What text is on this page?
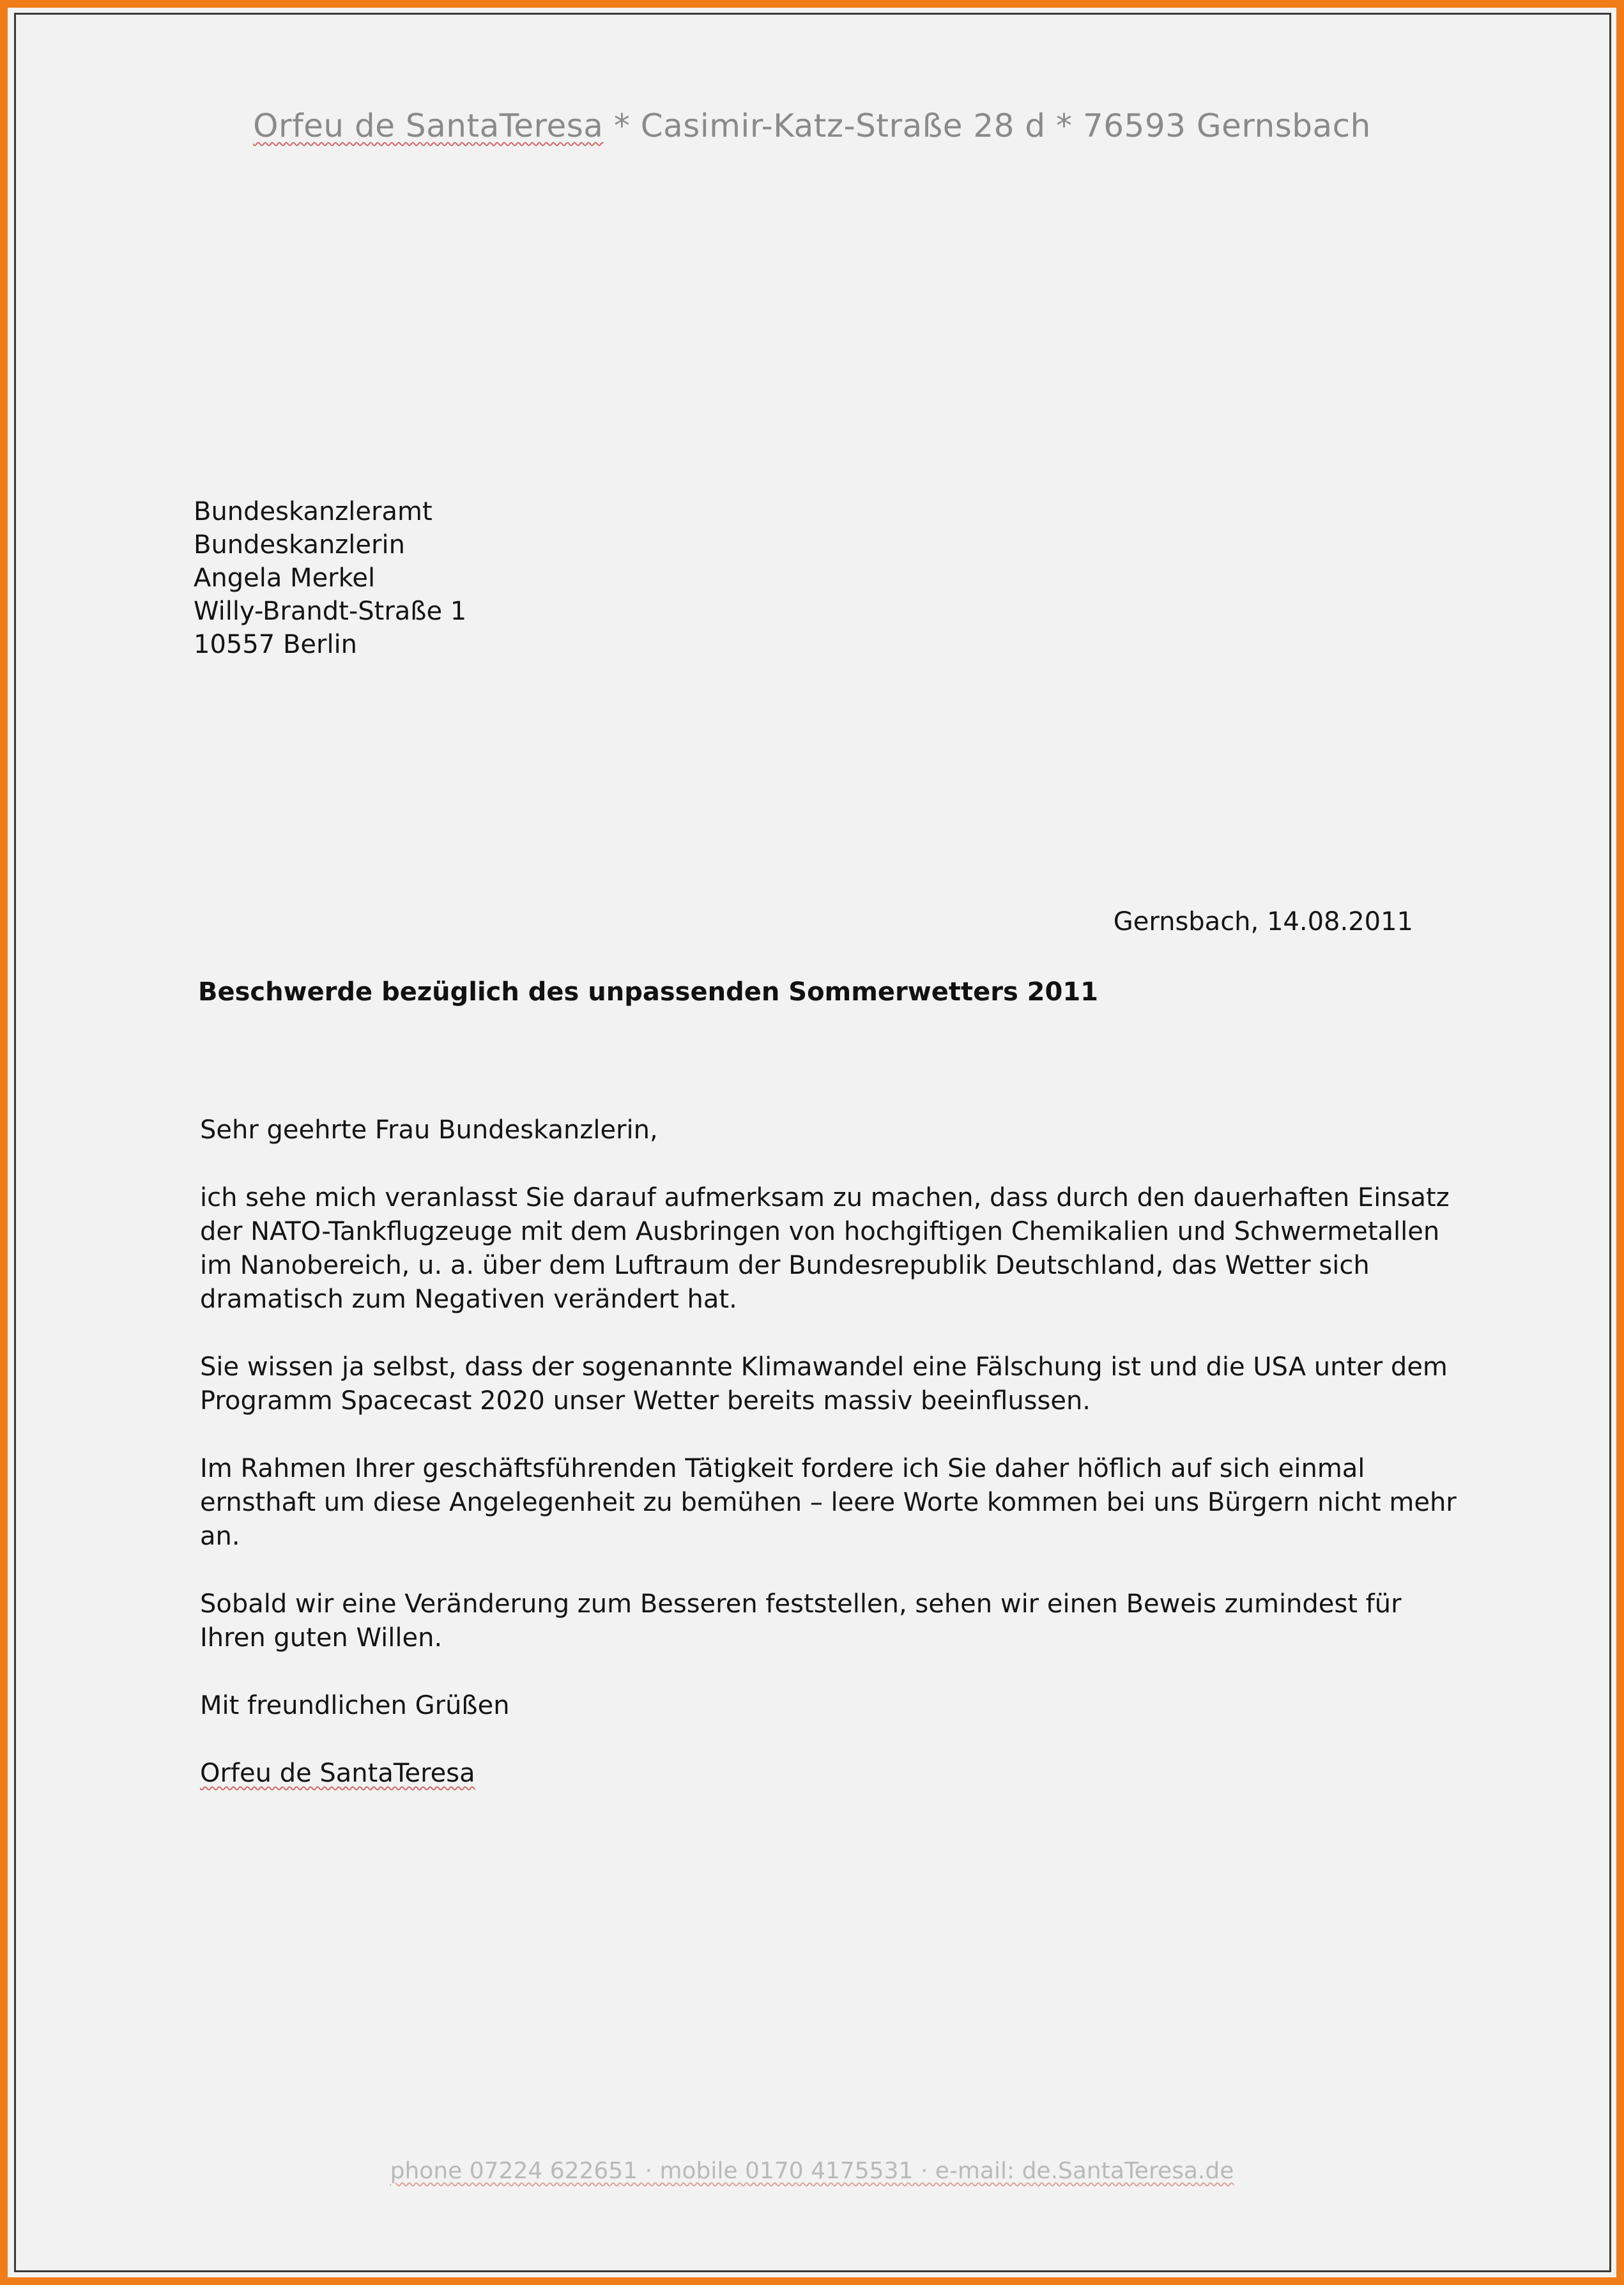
Orfeu de SantaTeresa * Casimir-Katz-Straße 28 d * 76593 Gernsbach
Bundeskanzleramt
Bundeskanzlerin
Angela Merkel
Willy-Brandt-Straße 1
10557 Berlin
Gernsbach, 14.08.2011
Beschwerde bezüglich des unpassenden Sommerwetters 2011

Sehr geehrte Frau Bundeskanzlerin,

ich sehe mich veranlasst Sie darauf aufmerksam zu machen, dass durch den dauerhaften Einsatz der NATO-Tankflugzeuge mit dem Ausbringen von hochgiftigen Chemikalien und Schwermetallen im Nanobereich, u. a. über dem Luftraum der Bundesrepublik Deutschland, das Wetter sich dramatisch zum Negativen verändert hat.

Sie wissen ja selbst, dass der sogenannte Klimawandel eine Fälschung ist und die USA unter dem Programm Spacecast 2020 unser Wetter bereits massiv beeinflussen.

Im Rahmen Ihrer geschäftsführenden Tätigkeit fordere ich Sie daher höflich auf sich einmal ernsthaft um diese Angelegenheit zu bemühen – leere Worte kommen bei uns Bürgern nicht mehr an.

Sobald wir eine Veränderung zum Besseren feststellen, sehen wir einen Beweis zumindest für Ihren guten Willen.

Mit freundlichen Grüßen

Orfeu de SantaTeresa

phone 07224 622651 · mobile 0170 4175531 · e-mail: de.SantaTeresa.de
